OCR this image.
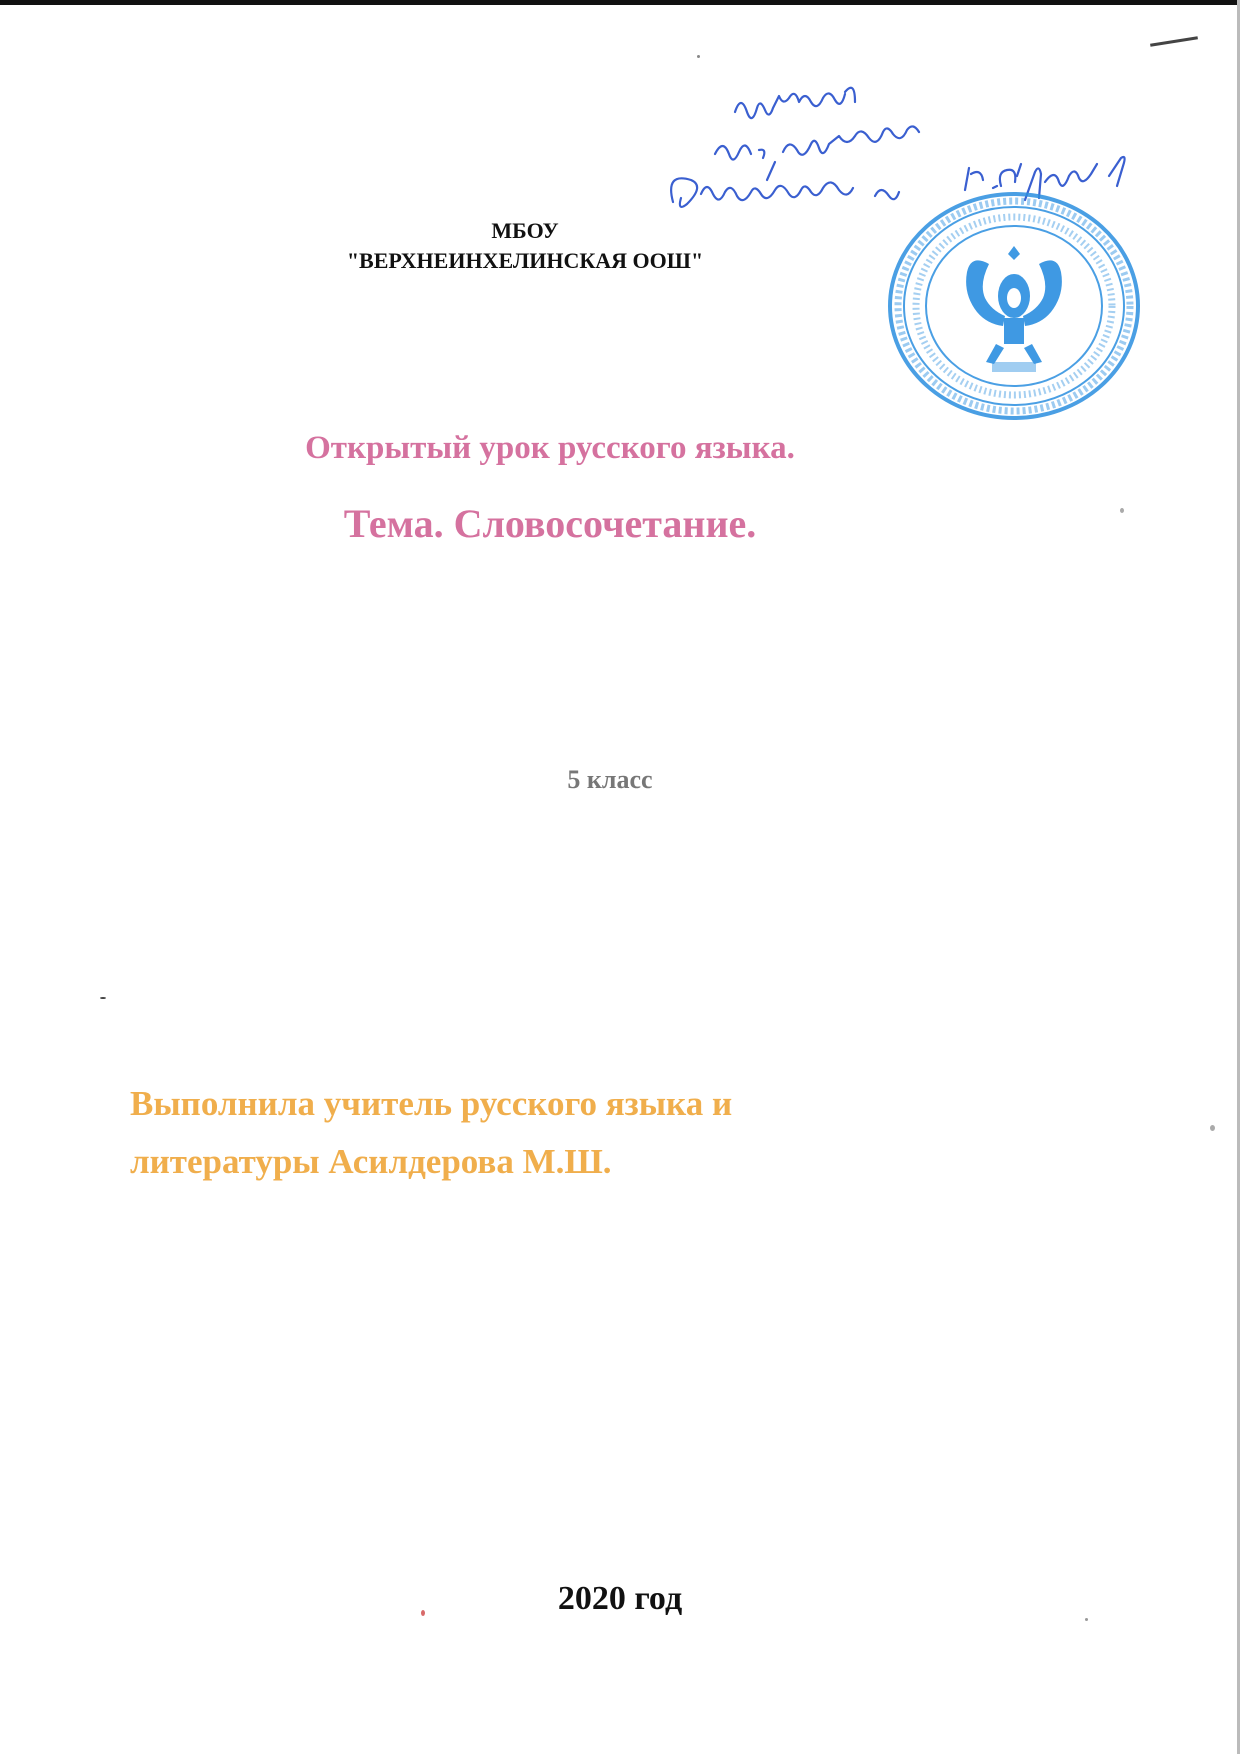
МБОУ
"ВЕРХНЕИНХЕЛИНСКАЯ ООШ"
Открытый урок русского языка.
Тема. Словосочетание.
5 класс
Выполнила учитель русского языка и
литературы Асилдерова М.Ш.
2020 год
